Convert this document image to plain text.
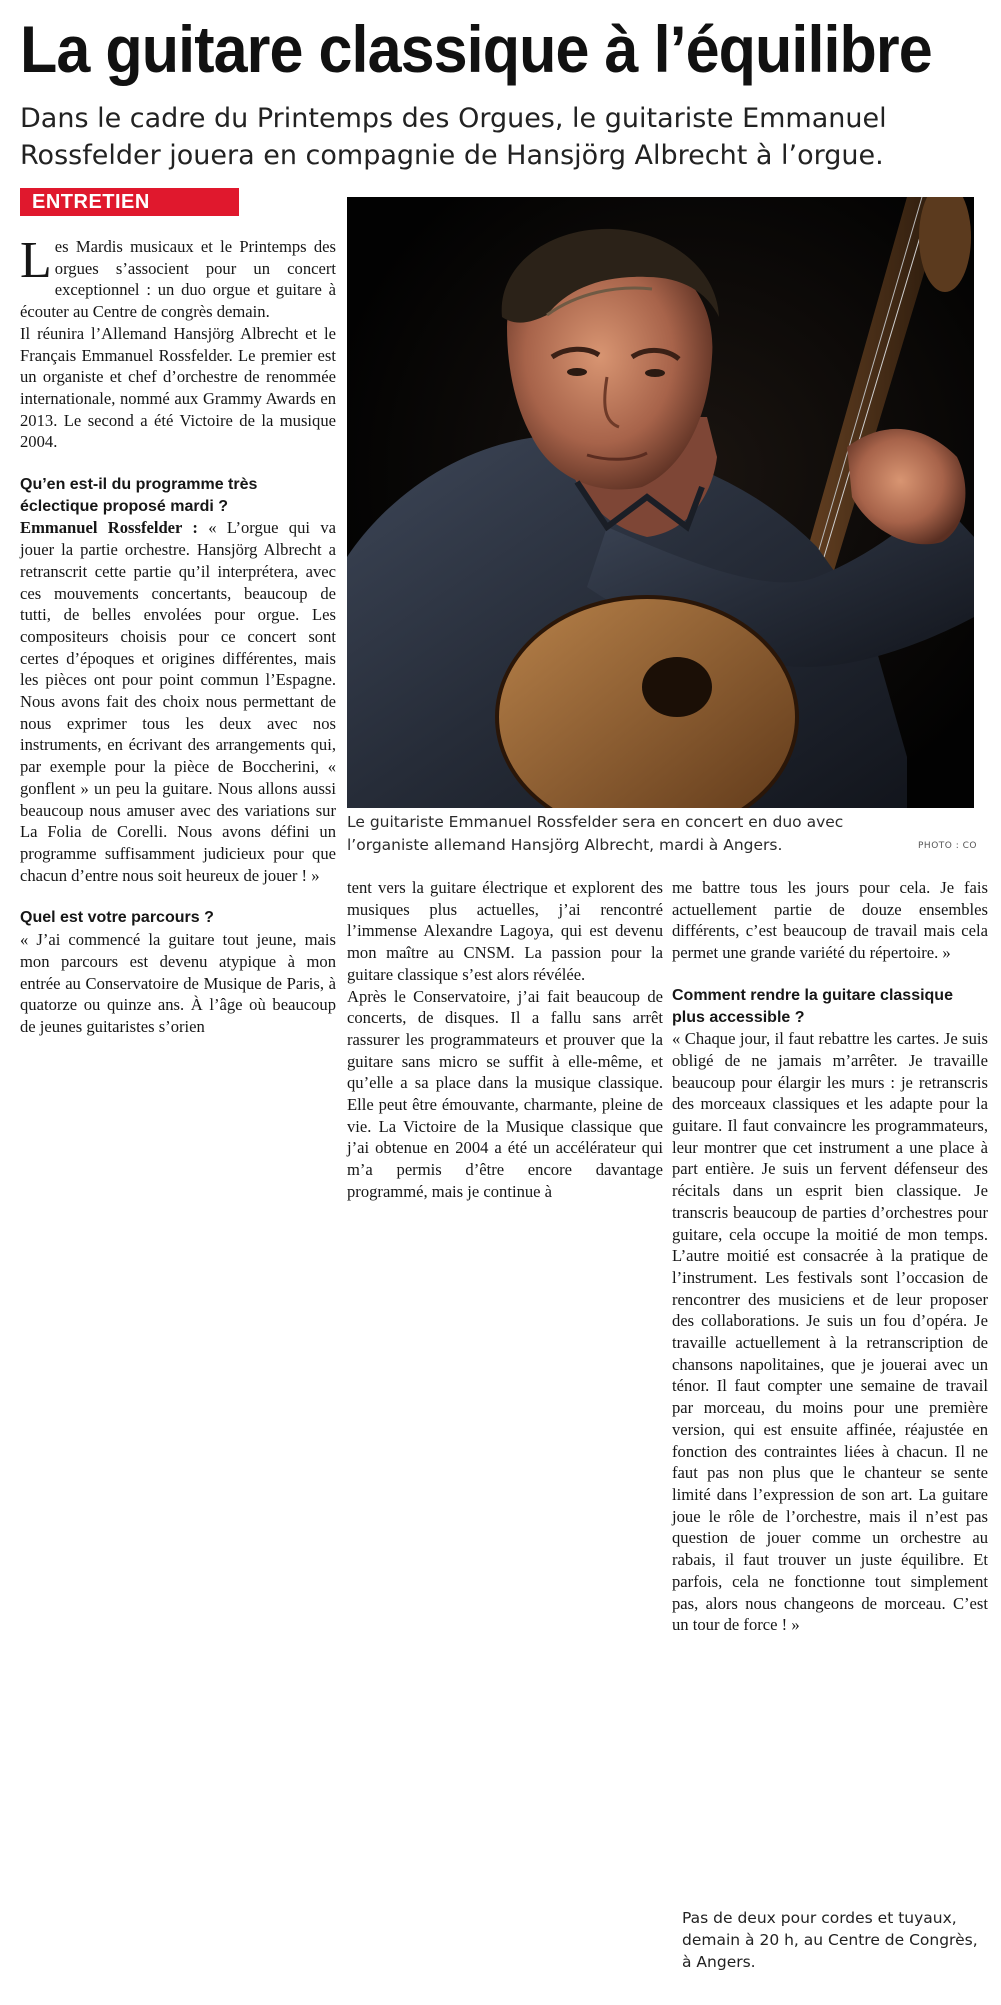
La guitare classique à l’équilibre

Dans le cadre du Printemps des Orgues, le guitariste Emmanuel Rossfelder jouera en compagnie de Hansjörg Albrecht à l’orgue.

ENTRETIEN

Le guitariste Emmanuel Rossfelder sera en concert en duo avec l’organiste allemand Hansjörg Albrecht, mardi à Angers.	PHOTO : CO

Les Mardis musicaux et le Printemps des orgues s’associent pour un concert exceptionnel : un duo orgue et guitare à écouter au Centre de congrès demain.

Il réunira l’Allemand Hansjörg Albrecht et le Français Emmanuel Rossfelder. Le premier est un organiste et chef d’orchestre de renommée internationale, nommé aux Grammy Awards en 2013. Le second a été Victoire de la musique 2004.

Qu’en est-il du programme très éclectique proposé mardi ?

Emmanuel Rossfelder : « L’orgue qui va jouer la partie orchestre. Hansjörg Albrecht a retranscrit cette partie qu’il interprétera, avec ces mouvements concertants, beaucoup de tutti, de belles envolées pour orgue. Les compositeurs choisis pour ce concert sont certes d’époques et origines différentes, mais les pièces ont pour point commun l’Espagne. Nous avons fait des choix nous permettant de nous exprimer tous les deux avec nos instruments, en écrivant des arrangements qui, par exemple pour la pièce de Boccherini, « gonflent » un peu la guitare. Nous allons aussi beaucoup nous amuser avec des variations sur La Folia de Corelli. Nous avons défini un programme suffisamment judicieux pour que chacun d’entre nous soit heureux de jouer ! »

Quel est votre parcours ?

« J’ai commencé la guitare tout jeune, mais mon parcours est devenu atypique à mon entrée au Conservatoire de Musique de Paris, à quatorze ou quinze ans. À l’âge où beaucoup de jeunes guitaristes s’orien

tent vers la guitare électrique et explorent des musiques plus actuelles, j’ai rencontré l’immense Alexandre Lagoya, qui est devenu mon maître au CNSM. La passion pour la guitare classique s’est alors révélée.

Après le Conservatoire, j’ai fait beaucoup de concerts, de disques. Il a fallu sans arrêt rassurer les programmateurs et prouver que la guitare sans micro se suffit à elle-même, et qu’elle a sa place dans la musique classique. Elle peut être émouvante, charmante, pleine de vie. La Victoire de la Musique classique que j’ai obtenue en 2004 a été un accélérateur qui m’a permis d’être encore davantage programmé, mais je continue à

me battre tous les jours pour cela. Je fais actuellement partie de douze ensembles différents, c’est beaucoup de travail mais cela permet une grande variété du répertoire. »

Comment rendre la guitare classique plus accessible ?

« Chaque jour, il faut rebattre les cartes. Je suis obligé de ne jamais m’arrêter. Je travaille beaucoup pour élargir les murs : je retranscris des morceaux classiques et les adapte pour la guitare. Il faut convaincre les programmateurs, leur montrer que cet instrument a une place à part entière. Je suis un fervent défenseur des récitals dans un esprit bien classique. Je transcris beaucoup de parties d’orchestres pour guitare, cela occupe la moitié de mon temps. L’autre moitié est consacrée à la pratique de l’instrument. Les festivals sont l’occasion de rencontrer des musiciens et de leur proposer des collaborations. Je suis un fou d’opéra. Je travaille actuellement à la retranscription de chansons napolitaines, que je jouerai avec un ténor. Il faut compter une semaine de travail par morceau, du moins pour une première version, qui est ensuite affinée, réajustée en fonction des contraintes liées à chacun. Il ne faut pas non plus que le chanteur se sente limité dans l’expression de son art. La guitare joue le rôle de l’orchestre, mais il n’est pas question de jouer comme un orchestre au rabais, il faut trouver un juste équilibre. Et parfois, cela ne fonctionne tout simplement pas, alors nous changeons de morceau. C’est un tour de force ! »

Pas de deux pour cordes et tuyaux, demain à 20 h, au Centre de Congrès, à Angers.
